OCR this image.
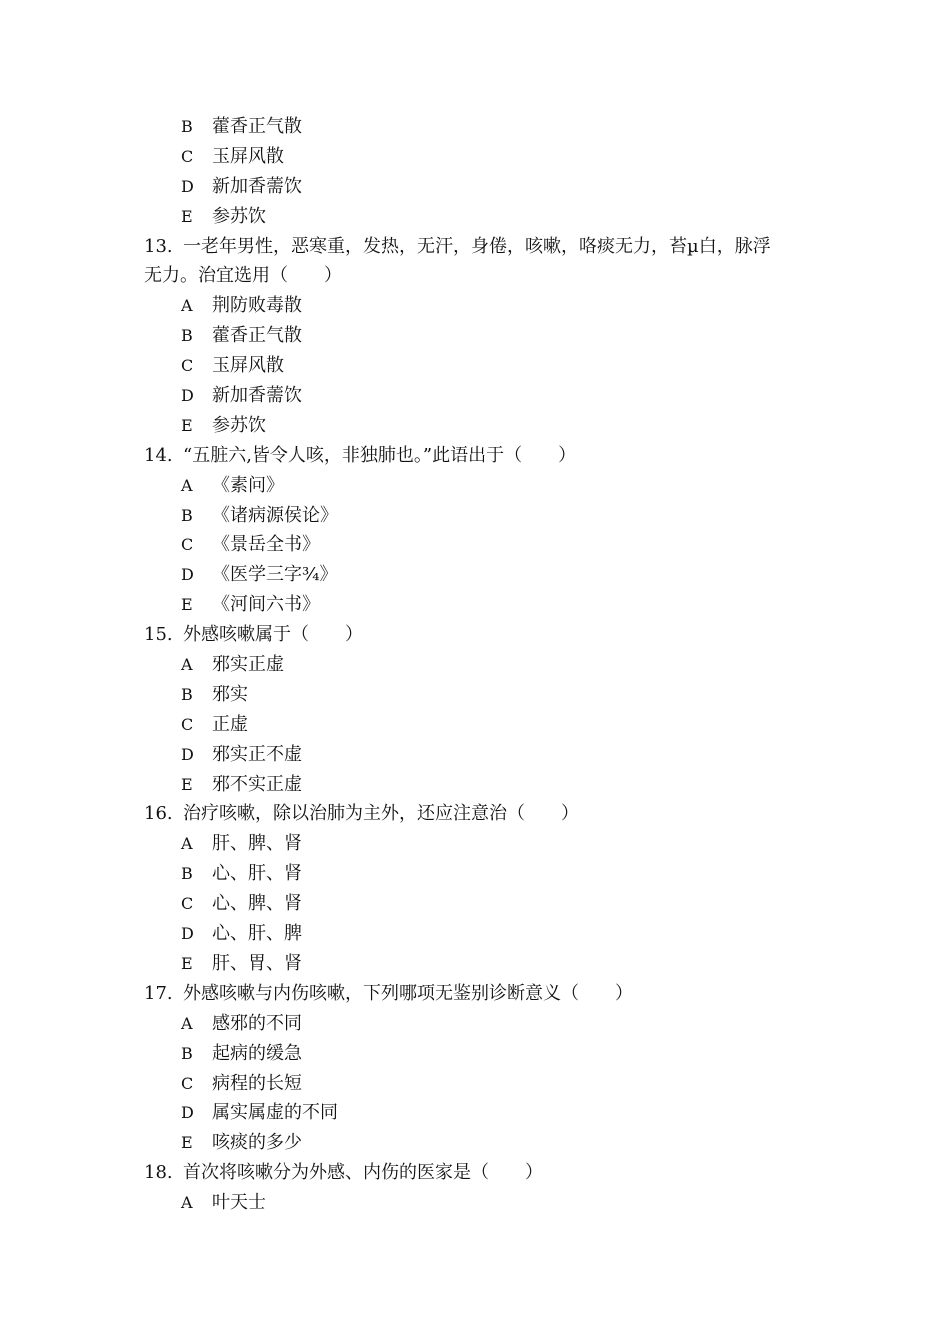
B 藿香正气散
C 玉屏风散
D 新加香薷饮
E 参苏饮
13. 一老年男性，恶寒重，发热，无汗，身倦，咳嗽，咯痰无力，苔µ白，脉浮
无力。治宜选用（　　）
A 荆防败毒散
B 藿香正气散
C 玉屏风散
D 新加香薷饮
E 参苏饮
14. “五脏六,皆令人咳，非独肺也。”此语出于（　　）
A 《素问》
B 《诸病源侯论》
C 《景岳全书》
D 《医学三字¾》
E 《河间六书》
15. 外感咳嗽属于（　　）
A 邪实正虚
B 邪实
C 正虚
D 邪实正不虚
E 邪不实正虚
16. 治疗咳嗽，除以治肺为主外，还应注意治（　　）
A 肝、脾、肾
B 心、肝、肾
C 心、脾、肾
D 心、肝、脾
E 肝、胃、肾
17. 外感咳嗽与内伤咳嗽，下列哪项无鉴别诊断意义（　　）
A 感邪的不同
B 起病的缓急
C 病程的长短
D 属实属虚的不同
E 咳痰的多少
18. 首次将咳嗽分为外感、内伤的医家是（　　）
A 叶天士
